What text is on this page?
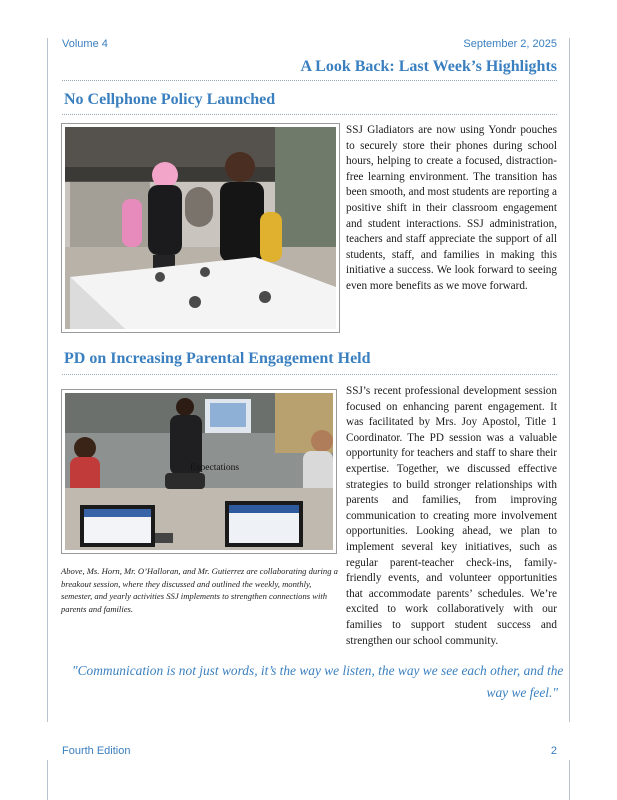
Volume 4	September 2, 2025
A Look Back: Last Week’s Highlights
No Cellphone Policy Launched
SSJ Gladiators are now using Yondr pouches to securely store their phones during school hours, helping to create a focused, distraction-free learning environment. The transition has been smooth, and most students are reporting a positive shift in their classroom engagement and student interactions. SSJ administration, teachers and staff appreciate the support of all students, staff, and families in making this initiative a success. We look forward to seeing even more benefits as we move forward.
PD on Increasing Parental Engagement Held
Expectations
Above, Ms. Horn, Mr. O’Halloran, and Mr. Gutierrez are collaborating during a breakout session, where they discussed and outlined the weekly, monthly, semester, and yearly activities SSJ implements to strengthen connections with parents and families.
SSJ’s recent professional development session focused on enhancing parent engagement. It was facilitated by Mrs. Joy Apostol, Title 1 Coordinator. The PD session was a valuable opportunity for teachers and staff to share their expertise. Together, we discussed effective strategies to build stronger relationships with parents and families, from improving communication to creating more involvement opportunities. Looking ahead, we plan to implement several key initiatives, such as regular parent-teacher check-ins, family-friendly events, and volunteer opportunities that accommodate parents’ schedules. We’re excited to work collaboratively with our families to support student success and strengthen our school community.
"Communication is not just words, it’s the way we listen, the way we see each other, and the
way we feel."
Fourth Edition	2
